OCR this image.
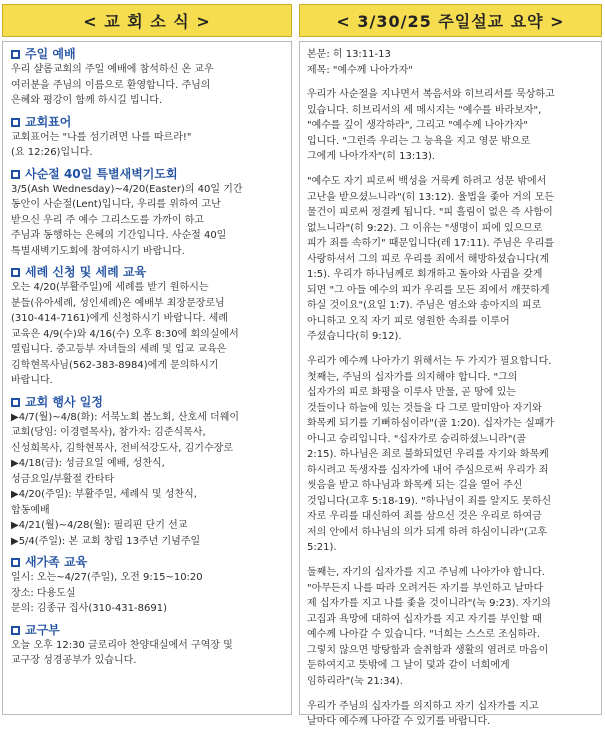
< 교 회 소 식 >	< 3/30/25 주일설교 요약 >
주일 예배
우리 샬롬교회의 주일 예배에 참석하신 온 교우
여러분을 주님의 이름으로 환영합니다. 주님의
은혜와 평강이 함께 하시길 빕니다.
교회표어
교회표어는 "나를 섬기려면 나를 따르라!"
(요 12:26)입니다.
사순절 40일 특별새벽기도회
3/5(Ash Wednesday)~4/20(Easter)의 40일 기간
동안이 사순절(Lent)입니다, 우리를 위하여 고난
받으신 우리 주 예수 그리스도를 가까이 하고
주님과 동행하는 은혜의 기간입니다. 사순절 40일
특별새벽기도회에 참여하시기 바랍니다.
세례 신청 및 세례 교육
오는 4/20(부활주일)에 세례를 받기 원하시는
분들(유아세례, 성인세례)은 예배부 최장문장로님
(310-414-7161)에게 신청하시기 바랍니다. 세례
교육은 4/9(수)와 4/16(수) 오후 8:30에 회의실에서
열립니다. 중고등부 자녀들의 세례 및 입교 교육은
김학현목사님(562-383-8984)에게 문의하시기
바랍니다.
교회 행사 일정
▶4/7(월)~4/8(화): 서북노회 봄노회, 산호세 더웨이
교회(당임: 이경렬목사), 참가자: 김준식목사,
신성희목사, 김학현목사, 전비석강도사, 김기수장로
▶4/18(금): 성금요일 예배, 성찬식,
성금요일/부활절 칸타타
▶4/20(주일): 부활주일, 세례식 및 성찬식,
합동예배
▶4/21(월)~4/28(월): 필리핀 단기 선교
▶5/4(주일): 본 교회 창립 13주년 기념주일
새가족 교육
일시: 오는~4/27(주일), 오전 9:15~10:20
장소: 다용도실
문의: 김종규 집사(310-431-8691)
교구부
오늘 오후 12:30 글로리아 찬양대실에서 구역장 및
교구장 성경공부가 있습니다.
본문: 히 13:11-13
제목: "예수께 나아가자"
우리가 사순절을 지나면서 복음서와 히브리서를 묵상하고
있습니다. 히브리서의 세 메시지는 "예수를 바라보자",
"예수를 깊이 생각하라", 그리고 "예수께 나아가자"
입니다. "그런즉 우리는 그 능욕을 지고 영문 밖으로
그에게 나아가자"(히 13:13).
"예수도 자기 피로써 백성을 거룩케 하려고 성문 밖에서
고난을 받으셨느니라"(히 13:12). 율법을 좇아 거의 모든
물건이 피로써 정결케 됩니다. "피 흘림이 없은 즉 사함이
없느니라"(히 9:22). 그 이유는 "생명이 피에 있으므로
피가 죄를 속하기" 때문입니다(레 17:11). 주님은 우리를
사랑하셔서 그의 피로 우리를 죄에서 해방하셨습니다(계
1:5). 우리가 하나님께로 회개하고 돌아와 사귐을 갖게
되면 "그 아들 예수의 피가 우리를 모든 죄에서 깨끗하게
하실 것이요"(요일 1:7). 주님은 염소와 송아지의 피로
아니하고 오직 자기 피로 영원한 속죄를 이루어
주셨습니다(히 9:12).
우리가 예수께 나아가기 위해서는 두 가지가 필요합니다.
첫째는, 주님의 십자가를 의지해야 합니다. "그의
십자가의 피로 화평을 이루사 만물, 곧 땅에 있는
것들이나 하늘에 있는 것들을 다 그로 말미암아 자기와
화목케 되기를 기뻐하심이라"(골 1:20). 십자가는 실패가
아니고 승리입니다. "십자가로 승리하셨느니라"(골
2:15). 하나님은 죄로 불화되었던 우리를 자기와 화목케
하시려고 독생자를 십자가에 내어 주심으로써 우리가 죄
씻음을 받고 하나님과 화목케 되는 길을 열어 주신
것입니다(고후 5:18-19). "하나님이 죄를 알지도 못하신
자로 우리를 대신하여 죄를 삼으신 것은 우리로 하여금
저의 안에서 하나님의 의가 되게 하려 하심이니라"(고후
5:21).
둘째는, 자기의 십자가를 지고 주님께 나아가야 합니다.
"아무든지 나를 따라 오려거든 자기를 부인하고 날마다
제 십자가를 지고 나를 좇을 것이니라"(눅 9:23). 자기의
고집과 욕망에 대하여 십자가를 지고 자기를 부인할 때
예수께 나아갈 수 있습니다. "너희는 스스로 조심하라.
그렇치 않으면 방탕함과 술취함과 생활의 염려로 마음이
둔하여지고 뜻밖에 그 날이 덫과 같이 너희에게
임하리라"(눅 21:34).
우리가 주님의 십자가를 의지하고 자기 십자가를 지고
날마다 예수께 나아갈 수 있기를 바랍니다.
